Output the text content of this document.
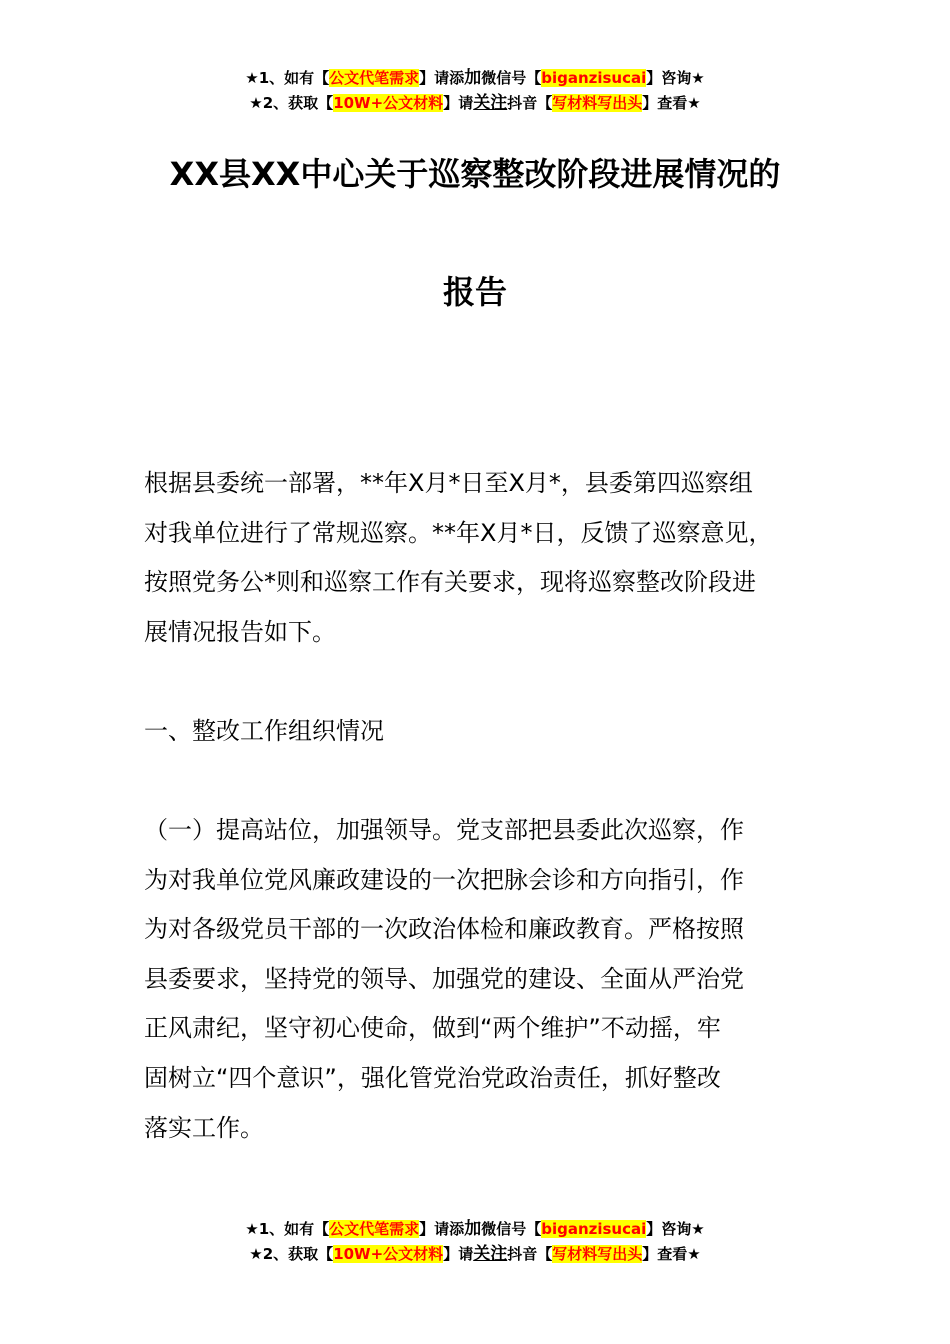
★1、如有【公文代笔需求】请添加微信号【biganzisucai】咨询★
★2、获取【10W+公文材料】请关注抖音【写材料写出头】查看★
XX县XX中心关于巡察整改阶段进展情况的
报告
根据县委统一部署，**年X月*日至X月*，县委第四巡察组
对我单位进行了常规巡察。**年X月*日，反馈了巡察意见，
按照党务公*则和巡察工作有关要求，现将巡察整改阶段进
展情况报告如下。
一、整改工作组织情况
（一）提高站位，加强领导。党支部把县委此次巡察，作
为对我单位党风廉政建设的一次把脉会诊和方向指引，作
为对各级党员干部的一次政治体检和廉政教育。严格按照
县委要求，坚持党的领导、加强党的建设、全面从严治党
正风肃纪，坚守初心使命，做到“两个维护”不动摇，牢
固树立“四个意识”，强化管党治党政治责任，抓好整改
落实工作。
★1、如有【公文代笔需求】请添加微信号【biganzisucai】咨询★
★2、获取【10W+公文材料】请关注抖音【写材料写出头】查看★
